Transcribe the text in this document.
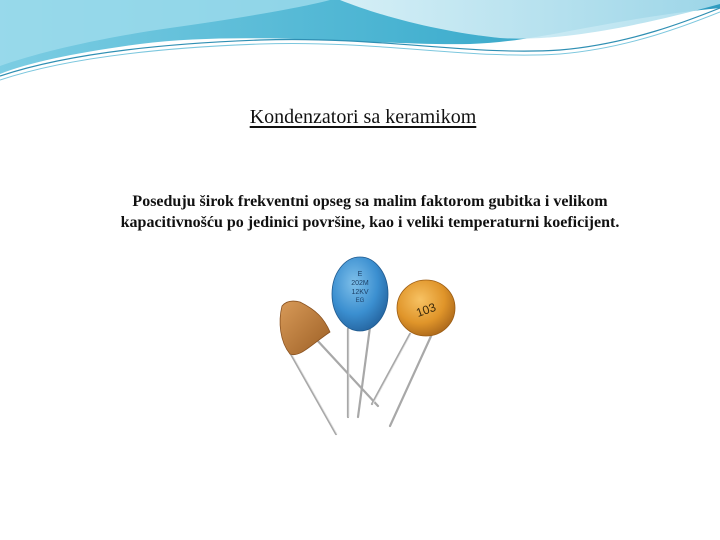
Kondenzatori sa keramikom
Poseduju širok frekventni opseg sa malim faktorom gubitka i velikom kapacitivnošću po jedinici površine, kao i veliki temperaturni koeficijent.
E
202M
12KV
EG	103
